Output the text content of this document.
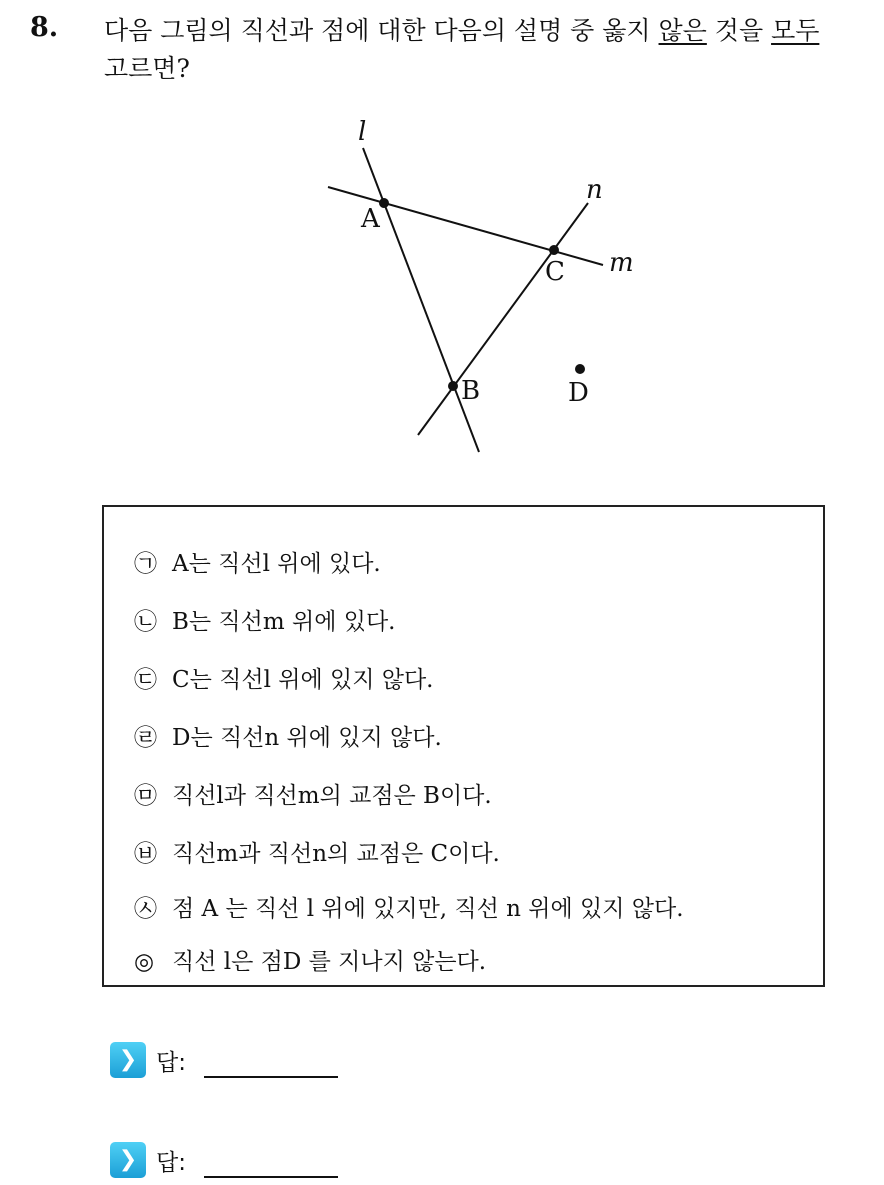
8. 다음 그림의 직선과 점에 대한 다음의 설명 중 옳지 않은 것을 모두
고르면?
l
m
n
A
C
B	D
㉠ A는 직선l 위에 있다.
㉡ B는 직선m 위에 있다.
㉢ C는 직선l 위에 있지 않다.
㉣ D는 직선n 위에 있지 않다.
㉤ 직선l과 직선m의 교점은 B이다.
㉥ 직선m과 직선n의 교점은 C이다.
㉦ 점 A 는 직선 l 위에 있지만, 직선 n 위에 있지 않다.
◎ 직선 l은 점D 를 지나지 않는다.
❯ 답:
❯ 답:
